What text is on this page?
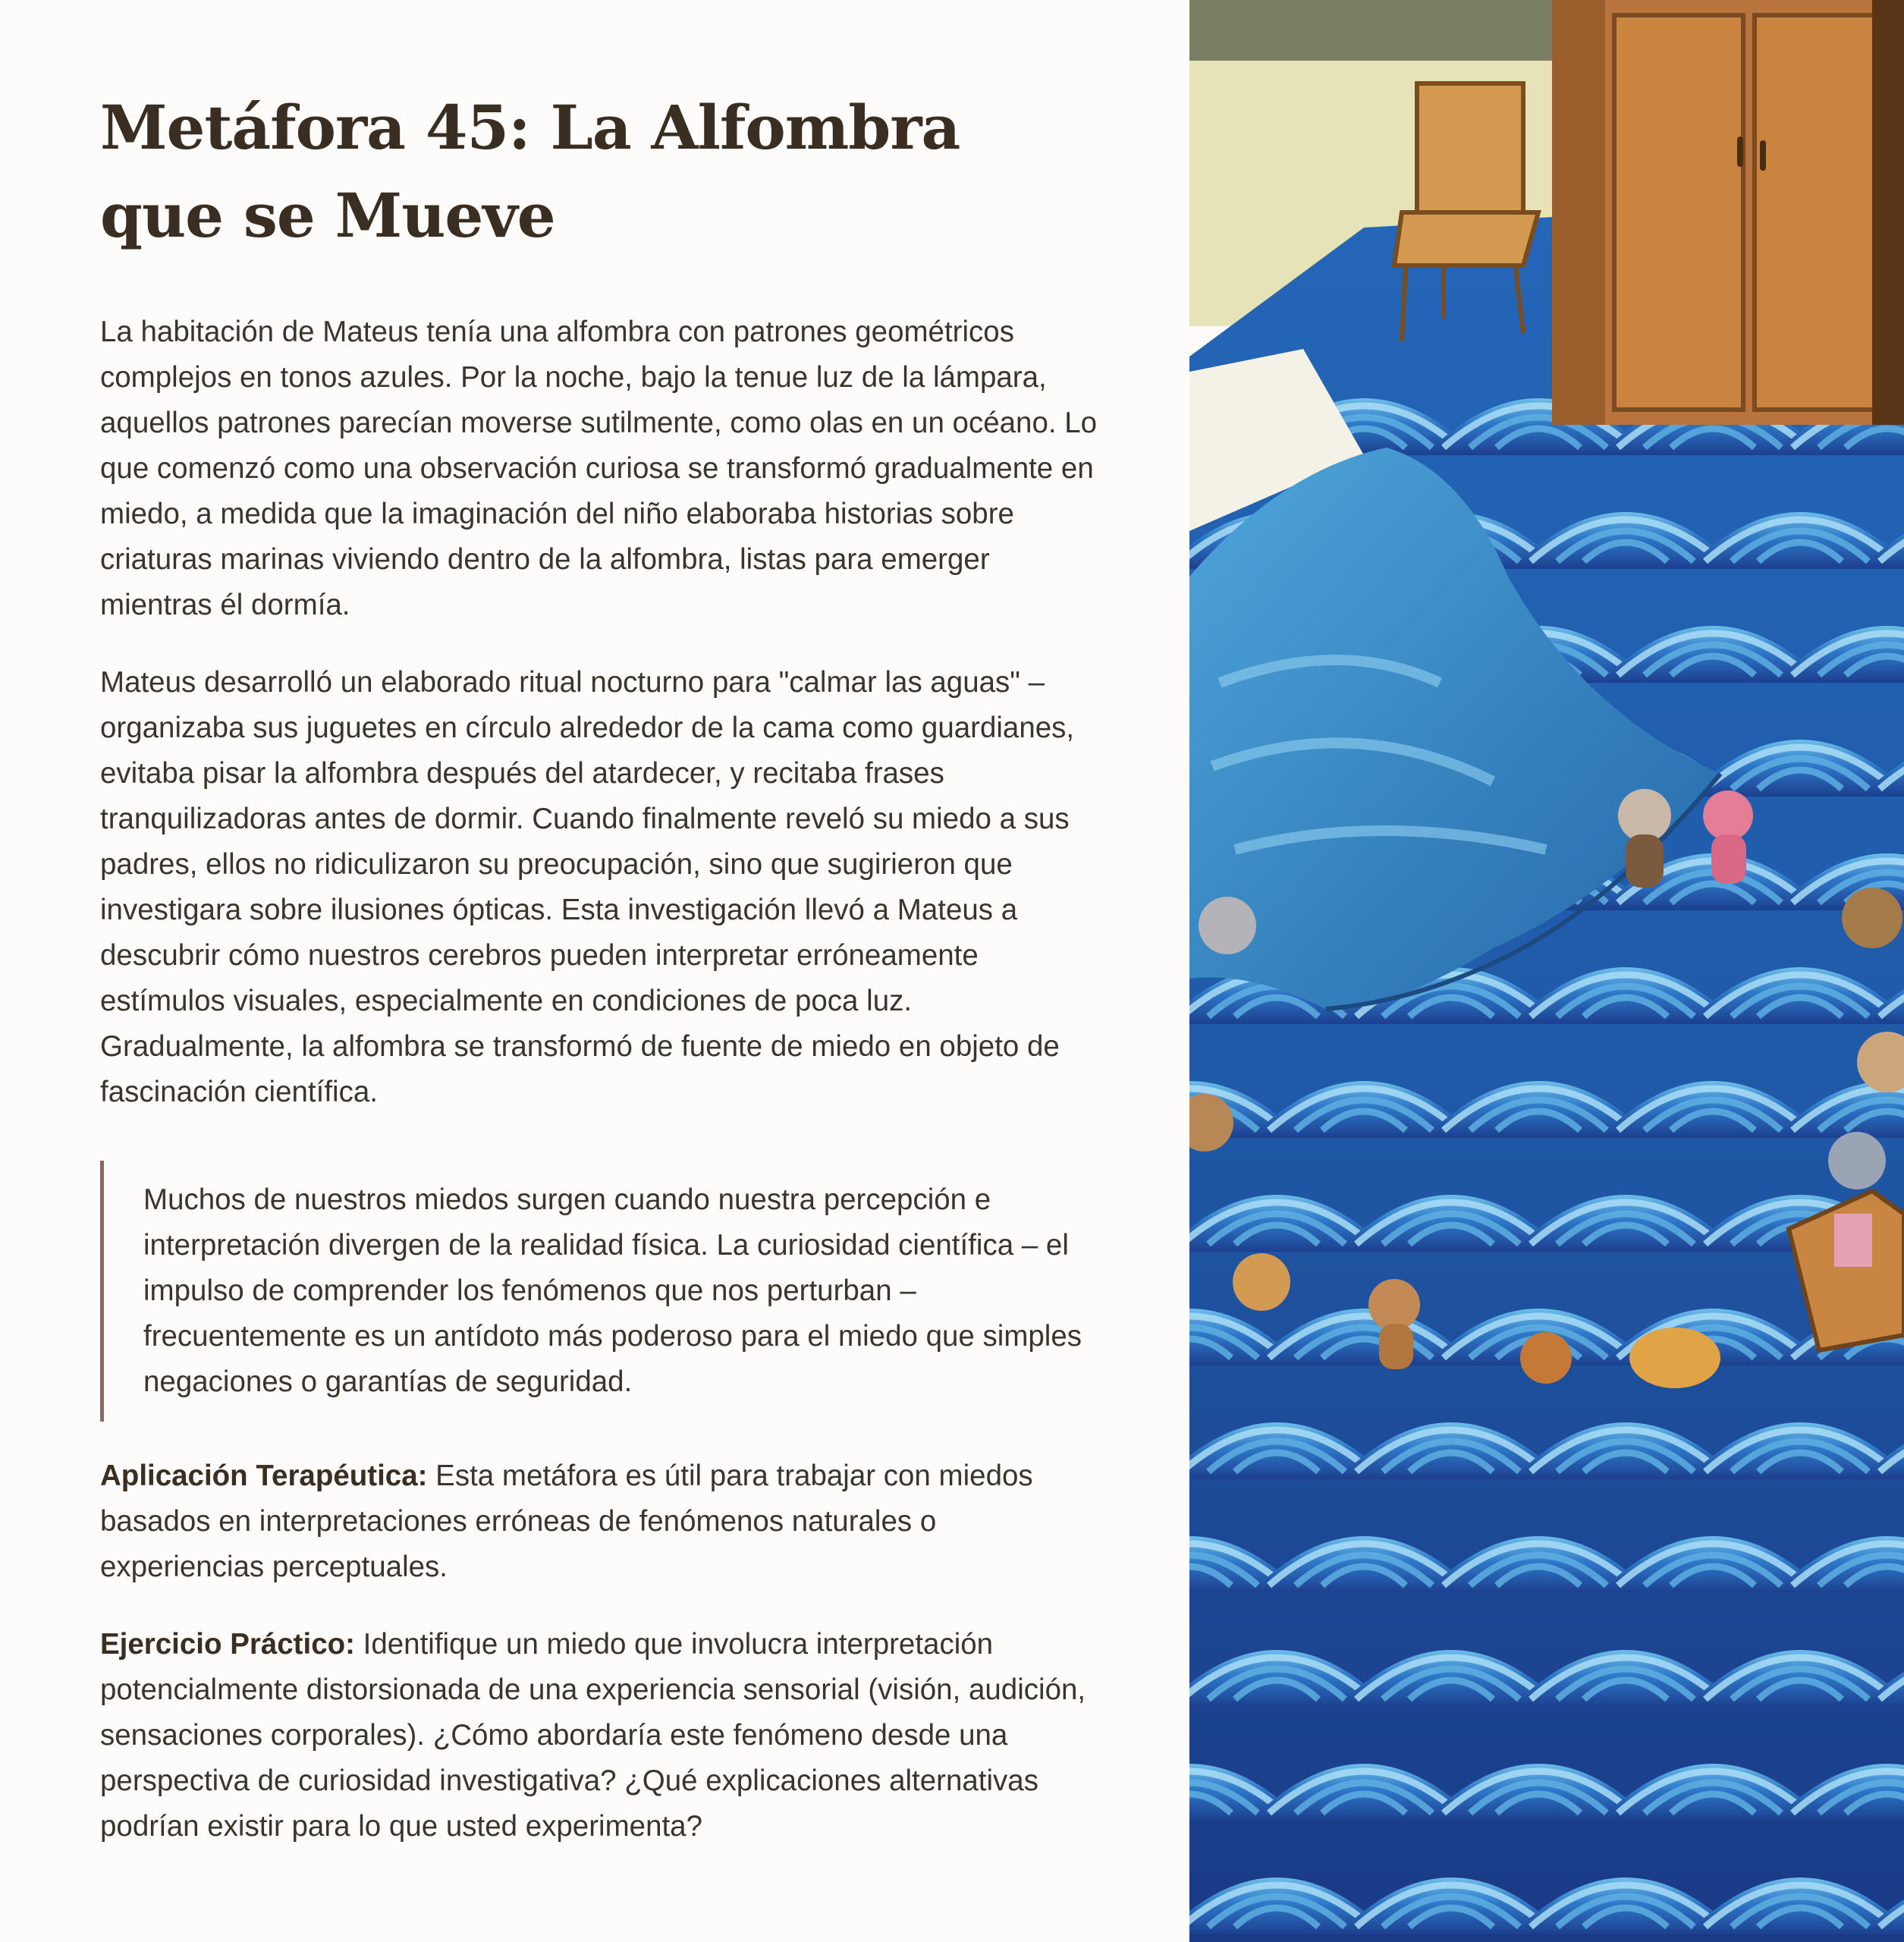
Metáfora 45: La Alfombra que se Mueve

La habitación de Mateus tenía una alfombra con patrones geométricos complejos en tonos azules. Por la noche, bajo la tenue luz de la lámpara, aquellos patrones parecían moverse sutilmente, como olas en un océano. Lo que comenzó como una observación curiosa se transformó gradualmente en miedo, a medida que la imaginación del niño elaboraba historias sobre criaturas marinas viviendo dentro de la alfombra, listas para emerger mientras él dormía.

Mateus desarrolló un elaborado ritual nocturno para "calmar las aguas" – organizaba sus juguetes en círculo alrededor de la cama como guardianes, evitaba pisar la alfombra después del atardecer, y recitaba frases tranquilizadoras antes de dormir. Cuando finalmente reveló su miedo a sus padres, ellos no ridiculizaron su preocupación, sino que sugirieron que investigara sobre ilusiones ópticas. Esta investigación llevó a Mateus a descubrir cómo nuestros cerebros pueden interpretar erróneamente estímulos visuales, especialmente en condiciones de poca luz. Gradualmente, la alfombra se transformó de fuente de miedo en objeto de fascinación científica.

Muchos de nuestros miedos surgen cuando nuestra percepción e interpretación divergen de la realidad física. La curiosidad científica – el impulso de comprender los fenómenos que nos perturban – frecuentemente es un antídoto más poderoso para el miedo que simples negaciones o garantías de seguridad.

Aplicación Terapéutica: Esta metáfora es útil para trabajar con miedos basados en interpretaciones erróneas de fenómenos naturales o experiencias perceptuales.

Ejercicio Práctico: Identifique un miedo que involucra interpretación potencialmente distorsionada de una experiencia sensorial (visión, audición, sensaciones corporales). ¿Cómo abordaría este fenómeno desde una perspectiva de curiosidad investigativa? ¿Qué explicaciones alternativas podrían existir para lo que usted experimenta?
